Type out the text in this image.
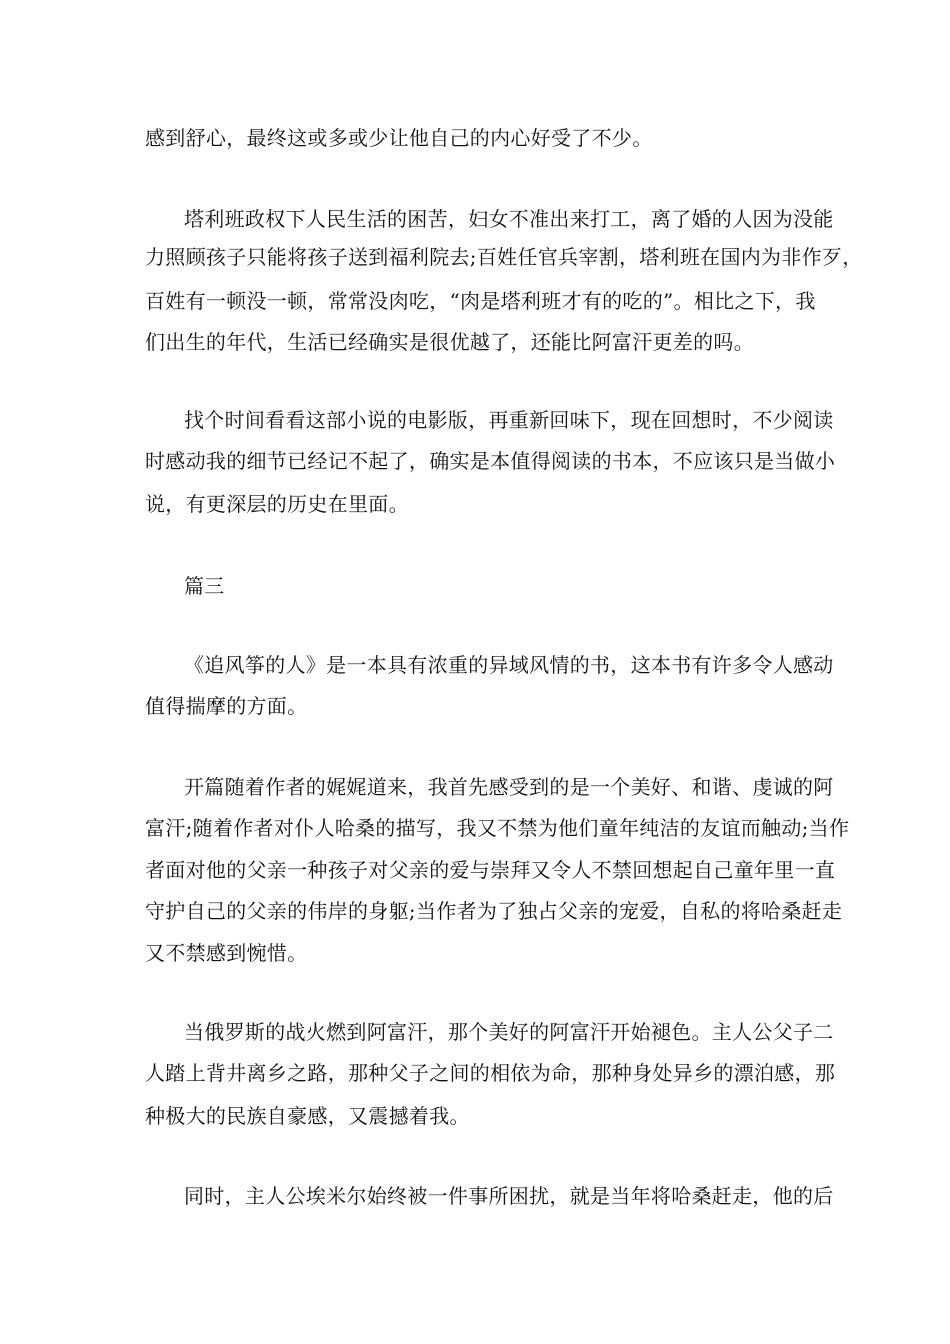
感到舒心，最终这或多或少让他自己的内心好受了不少。
塔利班政权下人民生活的困苦，妇女不准出来打工，离了婚的人因为没能
力照顾孩子只能将孩子送到福利院去;百姓任官兵宰割，塔利班在国内为非作歹，
百姓有一顿没一顿，常常没肉吃，“肉是塔利班才有的吃的”。相比之下，我
们出生的年代，生活已经确实是很优越了，还能比阿富汗更差的吗。
找个时间看看这部小说的电影版，再重新回味下，现在回想时，不少阅读
时感动我的细节已经记不起了，确实是本值得阅读的书本，不应该只是当做小
说，有更深层的历史在里面。
篇三
《追风筝的人》是一本具有浓重的异域风情的书，这本书有许多令人感动
值得揣摩的方面。
开篇随着作者的娓娓道来，我首先感受到的是一个美好、和谐、虔诚的阿
富汗;随着作者对仆人哈桑的描写，我又不禁为他们童年纯洁的友谊而触动;当作
者面对他的父亲一种孩子对父亲的爱与崇拜又令人不禁回想起自己童年里一直
守护自己的父亲的伟岸的身躯;当作者为了独占父亲的宠爱，自私的将哈桑赶走
又不禁感到惋惜。
当俄罗斯的战火燃到阿富汗，那个美好的阿富汗开始褪色。主人公父子二
人踏上背井离乡之路，那种父子之间的相依为命，那种身处异乡的漂泊感，那
种极大的民族自豪感，又震撼着我。
同时，主人公埃米尔始终被一件事所困扰，就是当年将哈桑赶走，他的后
